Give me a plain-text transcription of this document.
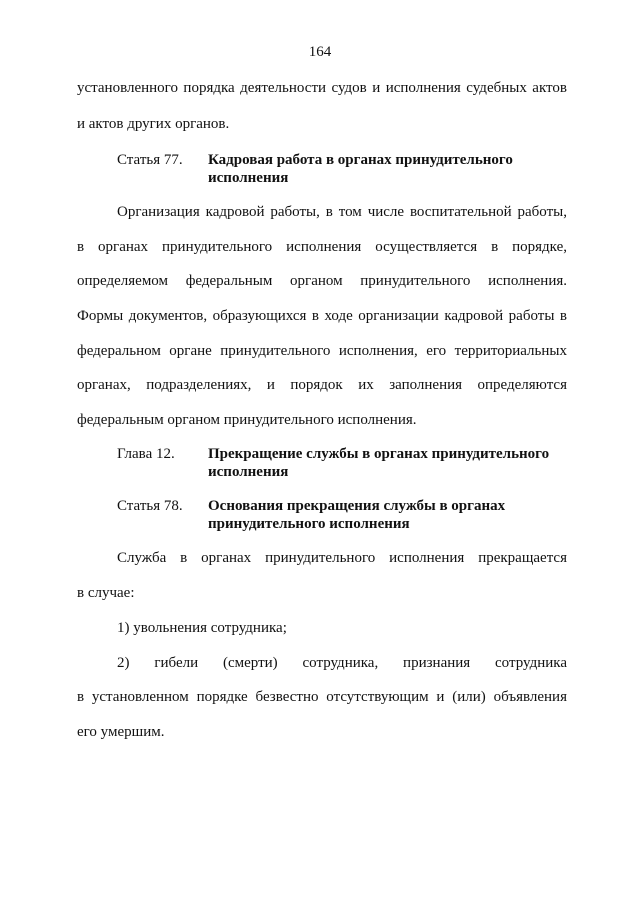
164
установленного порядка деятельности судов и исполнения судебных актов
и актов других органов.
Статья 77. Кадровая работа в органах принудительного
исполнения
Организация кадровой работы, в том числе воспитательной работы,
в органах принудительного исполнения осуществляется в порядке,
определяемом федеральным органом принудительного исполнения.
Формы документов, образующихся в ходе организации кадровой работы в
федеральном органе принудительного исполнения, его территориальных
органах, подразделениях, и порядок их заполнения определяются
федеральным органом принудительного исполнения.
Глава 12. Прекращение службы в органах принудительного
исполнения
Статья 78. Основания прекращения службы в органах
принудительного исполнения
Служба в органах принудительного исполнения прекращается
в случае:
1) увольнения сотрудника;
2) гибели (смерти) сотрудника, признания сотрудника
в установленном порядке безвестно отсутствующим и (или) объявления
его умершим.
